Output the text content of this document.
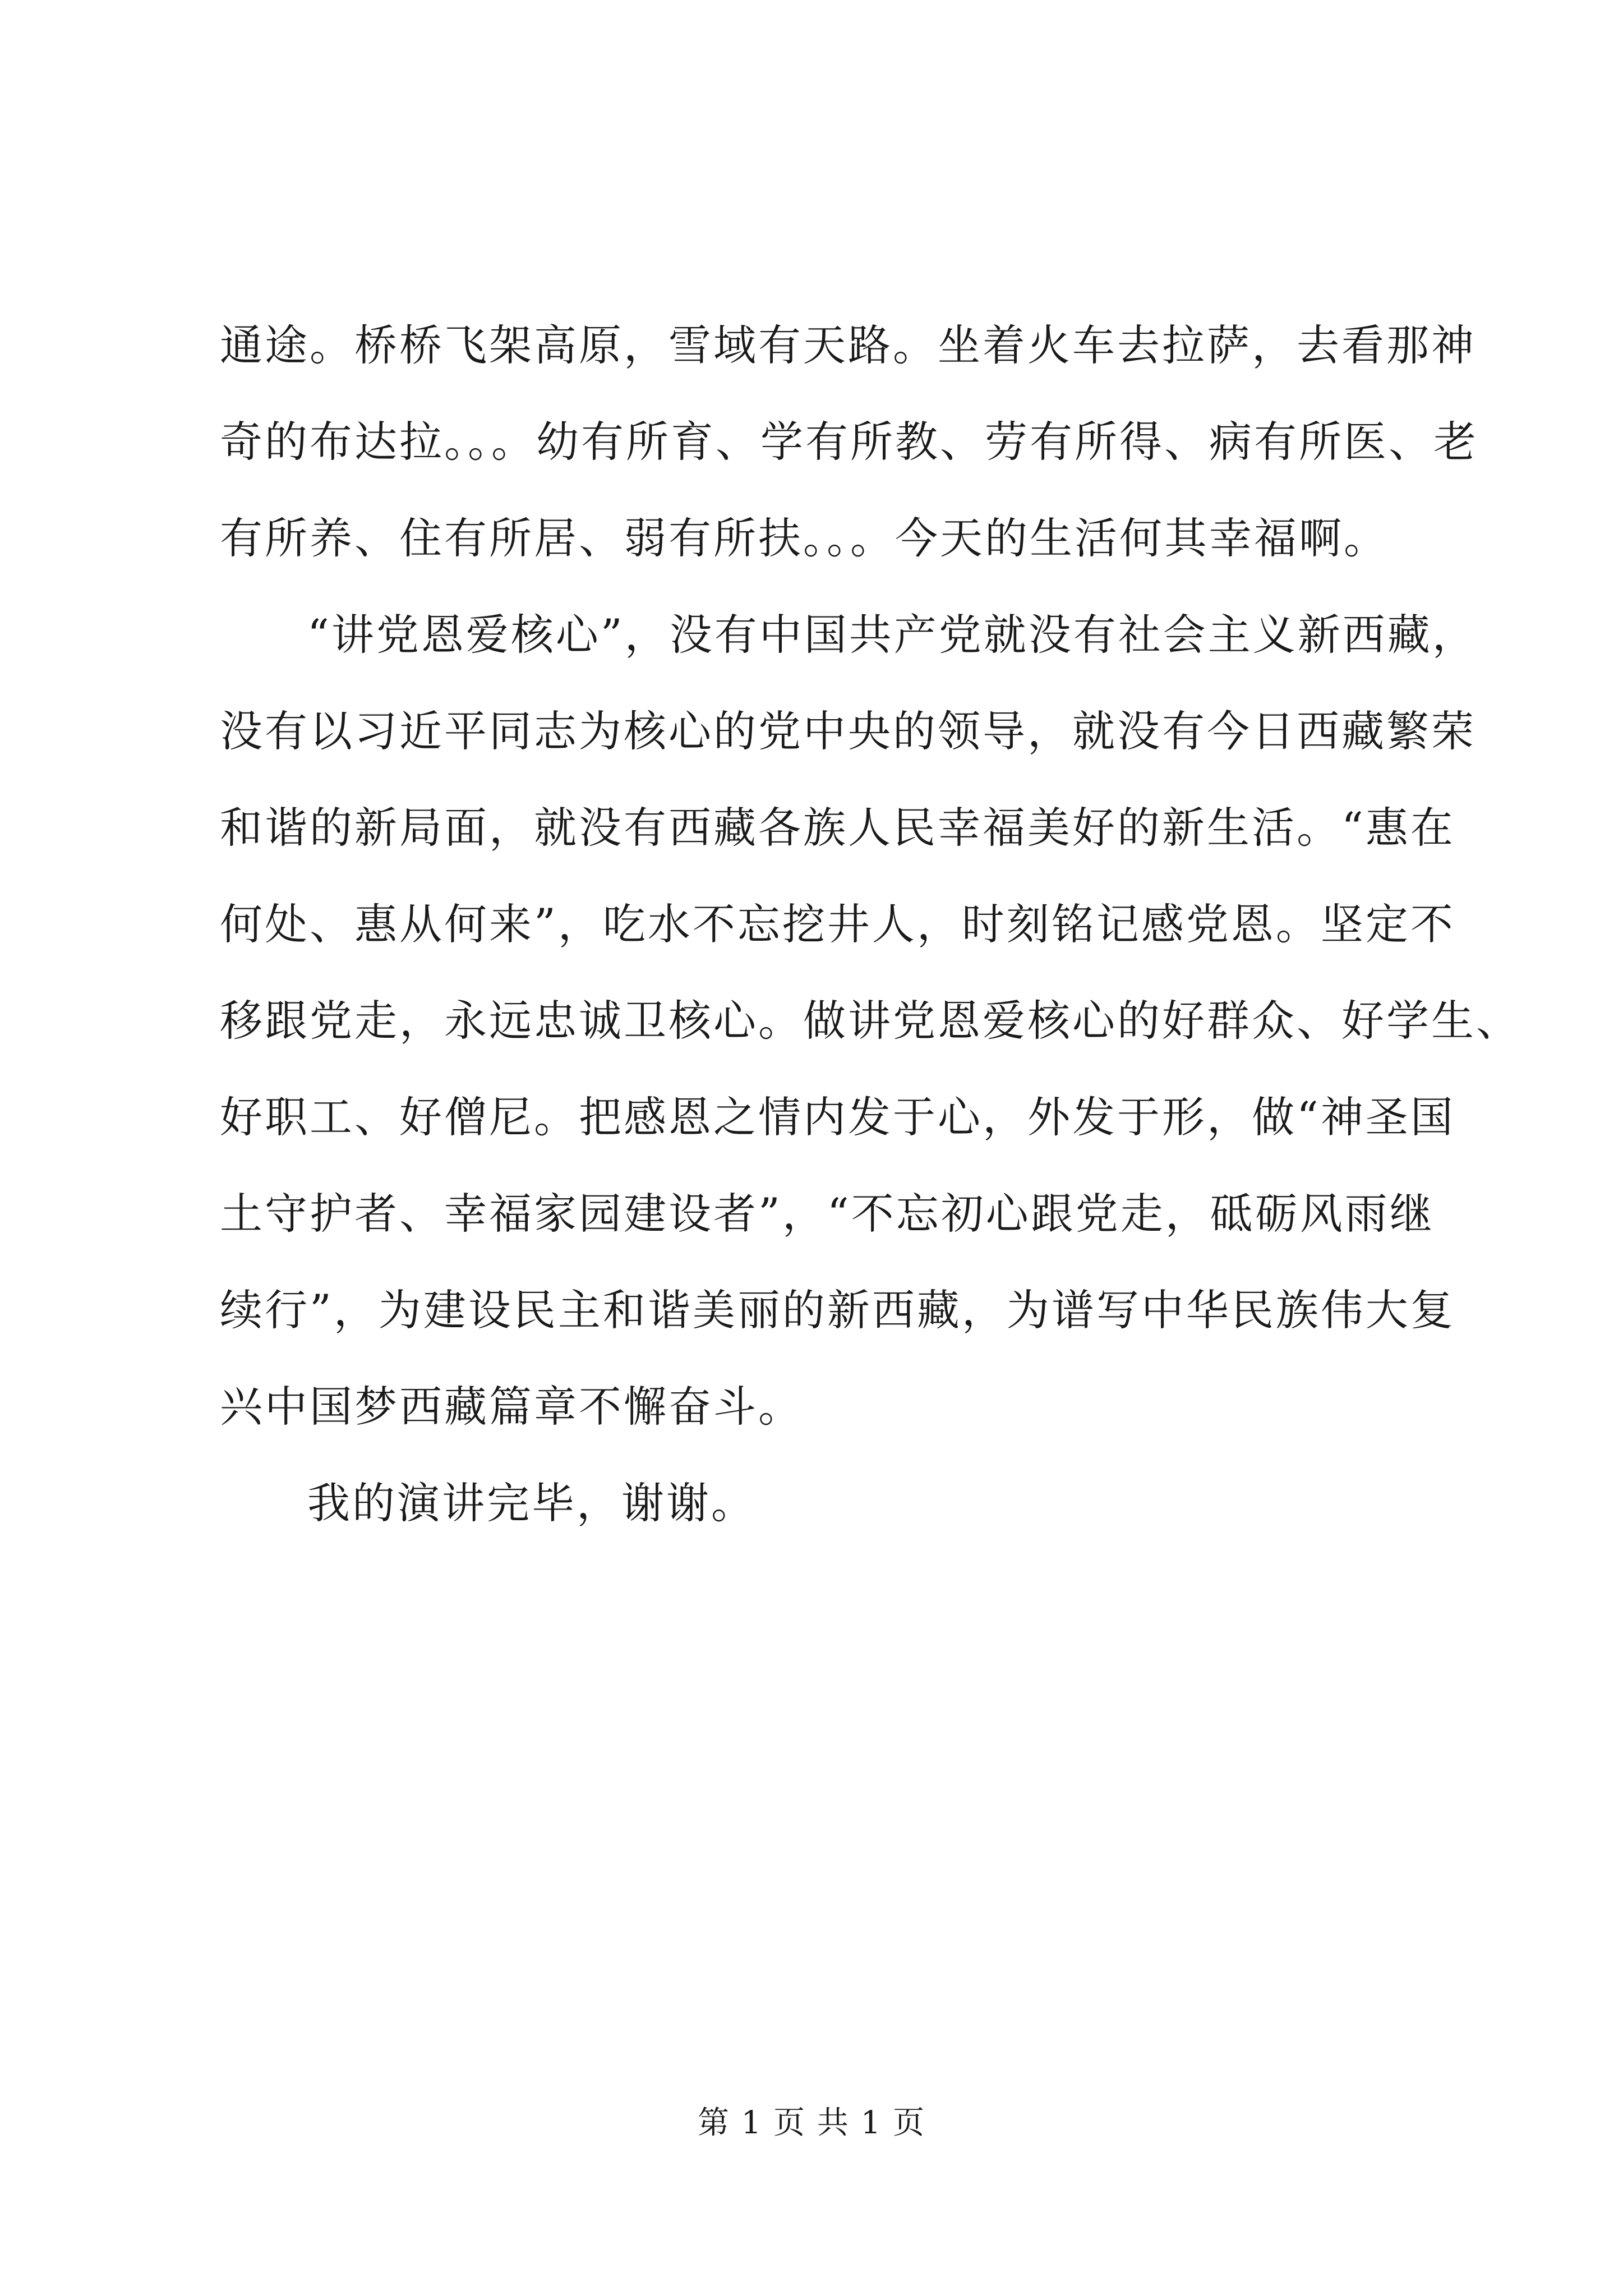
通途。桥桥飞架高原，雪域有天路。坐着火车去拉萨，去看那神
奇的布达拉。。。幼有所育、学有所教、劳有所得、病有所医、老
有所养、住有所居、弱有所扶。。。今天的生活何其幸福啊。
“讲党恩爱核心”，没有中国共产党就没有社会主义新西藏，
没有以习近平同志为核心的党中央的领导，就没有今日西藏繁荣
和谐的新局面，就没有西藏各族人民幸福美好的新生活。“惠在
何处、惠从何来”，吃水不忘挖井人，时刻铭记感党恩。坚定不
移跟党走，永远忠诚卫核心。做讲党恩爱核心的好群众、好学生、
好职工、好僧尼。把感恩之情内发于心，外发于形，做“神圣国
土守护者、幸福家园建设者”，“不忘初心跟党走，砥砺风雨继
续行”，为建设民主和谐美丽的新西藏，为谱写中华民族伟大复
兴中国梦西藏篇章不懈奋斗。
我的演讲完毕，谢谢。
第 1 页 共 1 页
